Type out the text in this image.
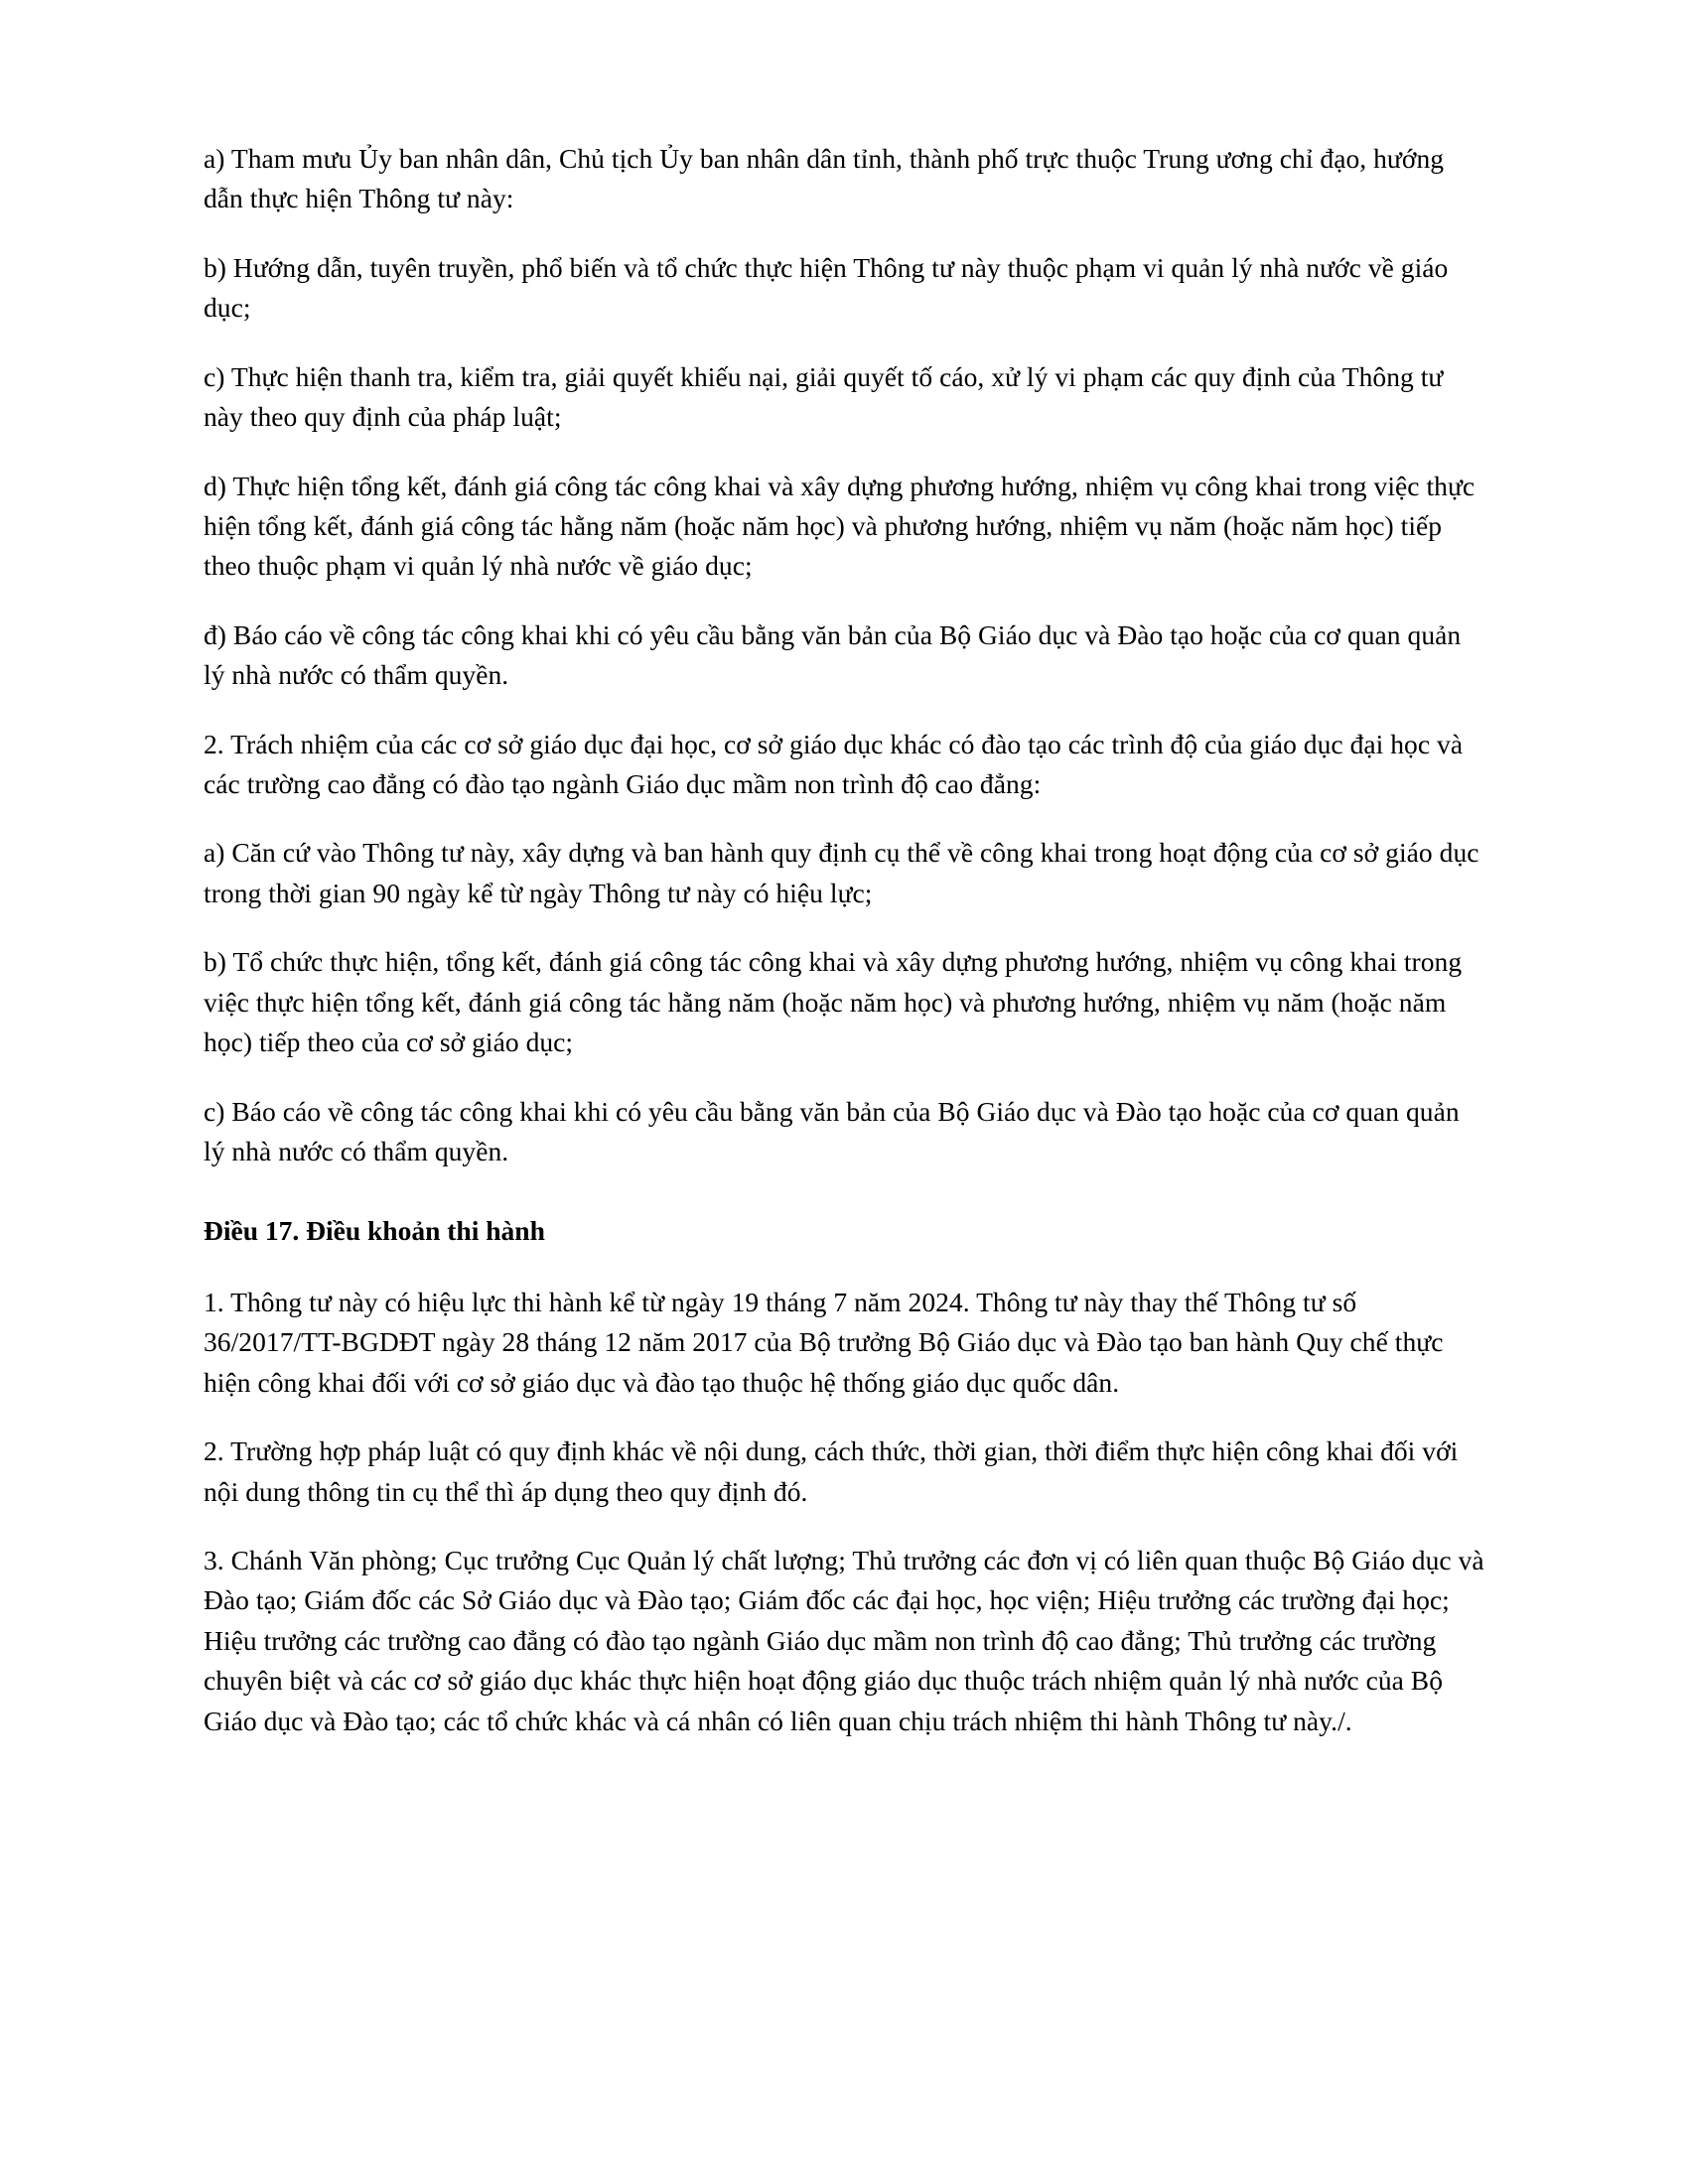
a) Tham mưu Ủy ban nhân dân, Chủ tịch Ủy ban nhân dân tỉnh, thành phố trực thuộc Trung ương chỉ đạo, hướng dẫn thực hiện Thông tư này:

b) Hướng dẫn, tuyên truyền, phổ biến và tổ chức thực hiện Thông tư này thuộc phạm vi quản lý nhà nước về giáo dục;

c) Thực hiện thanh tra, kiểm tra, giải quyết khiếu nại, giải quyết tố cáo, xử lý vi phạm các quy định của Thông tư này theo quy định của pháp luật;

d) Thực hiện tổng kết, đánh giá công tác công khai và xây dựng phương hướng, nhiệm vụ công khai trong việc thực hiện tổng kết, đánh giá công tác hằng năm (hoặc năm học) và phương hướng, nhiệm vụ năm (hoặc năm học) tiếp theo thuộc phạm vi quản lý nhà nước về giáo dục;

đ) Báo cáo về công tác công khai khi có yêu cầu bằng văn bản của Bộ Giáo dục và Đào tạo hoặc của cơ quan quản lý nhà nước có thẩm quyền.

2. Trách nhiệm của các cơ sở giáo dục đại học, cơ sở giáo dục khác có đào tạo các trình độ của giáo dục đại học và các trường cao đẳng có đào tạo ngành Giáo dục mầm non trình độ cao đẳng:

a) Căn cứ vào Thông tư này, xây dựng và ban hành quy định cụ thể về công khai trong hoạt động của cơ sở giáo dục trong thời gian 90 ngày kể từ ngày Thông tư này có hiệu lực;

b) Tổ chức thực hiện, tổng kết, đánh giá công tác công khai và xây dựng phương hướng, nhiệm vụ công khai trong việc thực hiện tổng kết, đánh giá công tác hằng năm (hoặc năm học) và phương hướng, nhiệm vụ năm (hoặc năm học) tiếp theo của cơ sở giáo dục;

c) Báo cáo về công tác công khai khi có yêu cầu bằng văn bản của Bộ Giáo dục và Đào tạo hoặc của cơ quan quản lý nhà nước có thẩm quyền.

Điều 17. Điều khoản thi hành

1. Thông tư này có hiệu lực thi hành kể từ ngày 19 tháng 7 năm 2024. Thông tư này thay thế Thông tư số 36/2017/TT-BGDĐT ngày 28 tháng 12 năm 2017 của Bộ trưởng Bộ Giáo dục và Đào tạo ban hành Quy chế thực hiện công khai đối với cơ sở giáo dục và đào tạo thuộc hệ thống giáo dục quốc dân.

2. Trường hợp pháp luật có quy định khác về nội dung, cách thức, thời gian, thời điểm thực hiện công khai đối với nội dung thông tin cụ thể thì áp dụng theo quy định đó.

3. Chánh Văn phòng; Cục trưởng Cục Quản lý chất lượng; Thủ trưởng các đơn vị có liên quan thuộc Bộ Giáo dục và Đào tạo; Giám đốc các Sở Giáo dục và Đào tạo; Giám đốc các đại học, học viện; Hiệu trưởng các trường đại học; Hiệu trưởng các trường cao đẳng có đào tạo ngành Giáo dục mầm non trình độ cao đẳng; Thủ trưởng các trường chuyên biệt và các cơ sở giáo dục khác thực hiện hoạt động giáo dục thuộc trách nhiệm quản lý nhà nước của Bộ Giáo dục và Đào tạo; các tổ chức khác và cá nhân có liên quan chịu trách nhiệm thi hành Thông tư này./.
